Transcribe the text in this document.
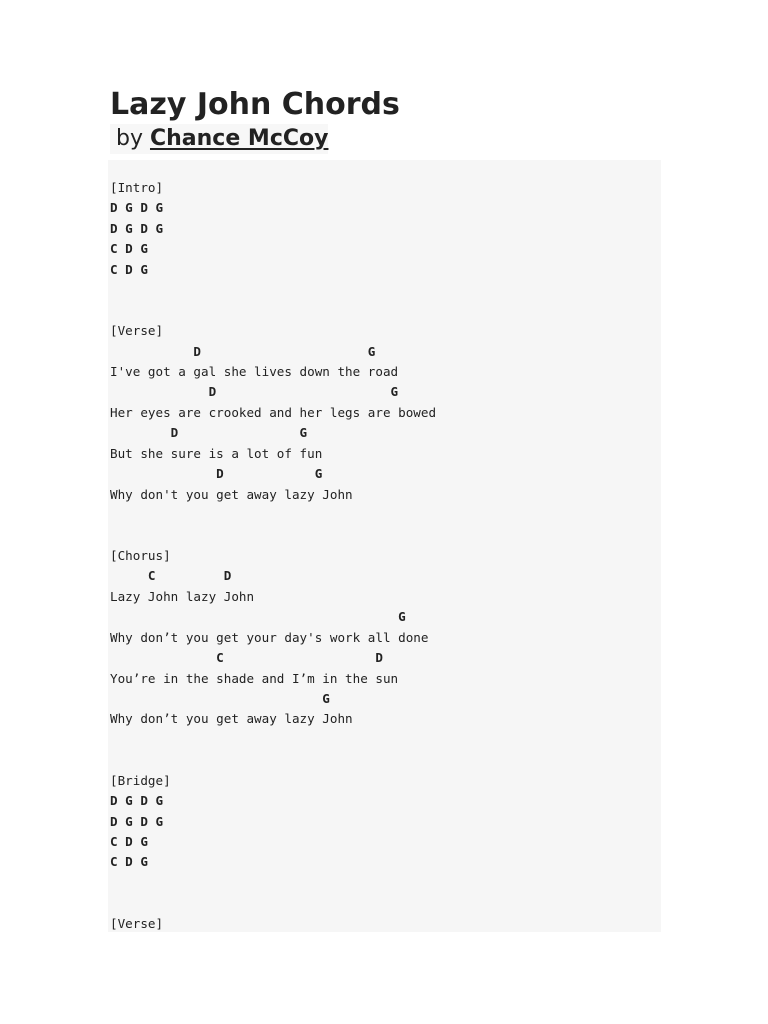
Lazy John Chords
by Chance McCoy
[Intro]
D G D G
D G D G
C D G
C D G
[Verse]
D                      G
I've got a gal she lives down the road
D                       G
Her eyes are crooked and her legs are bowed
D                G
But she sure is a lot of fun
D            G
Why don't you get away lazy John
[Chorus]
C         D
Lazy John lazy John
G
Why don’t you get your day's work all done
C                    D
You’re in the shade and I’m in the sun
G
Why don’t you get away lazy John
[Bridge]
D G D G
D G D G
C D G
C D G
[Verse]
